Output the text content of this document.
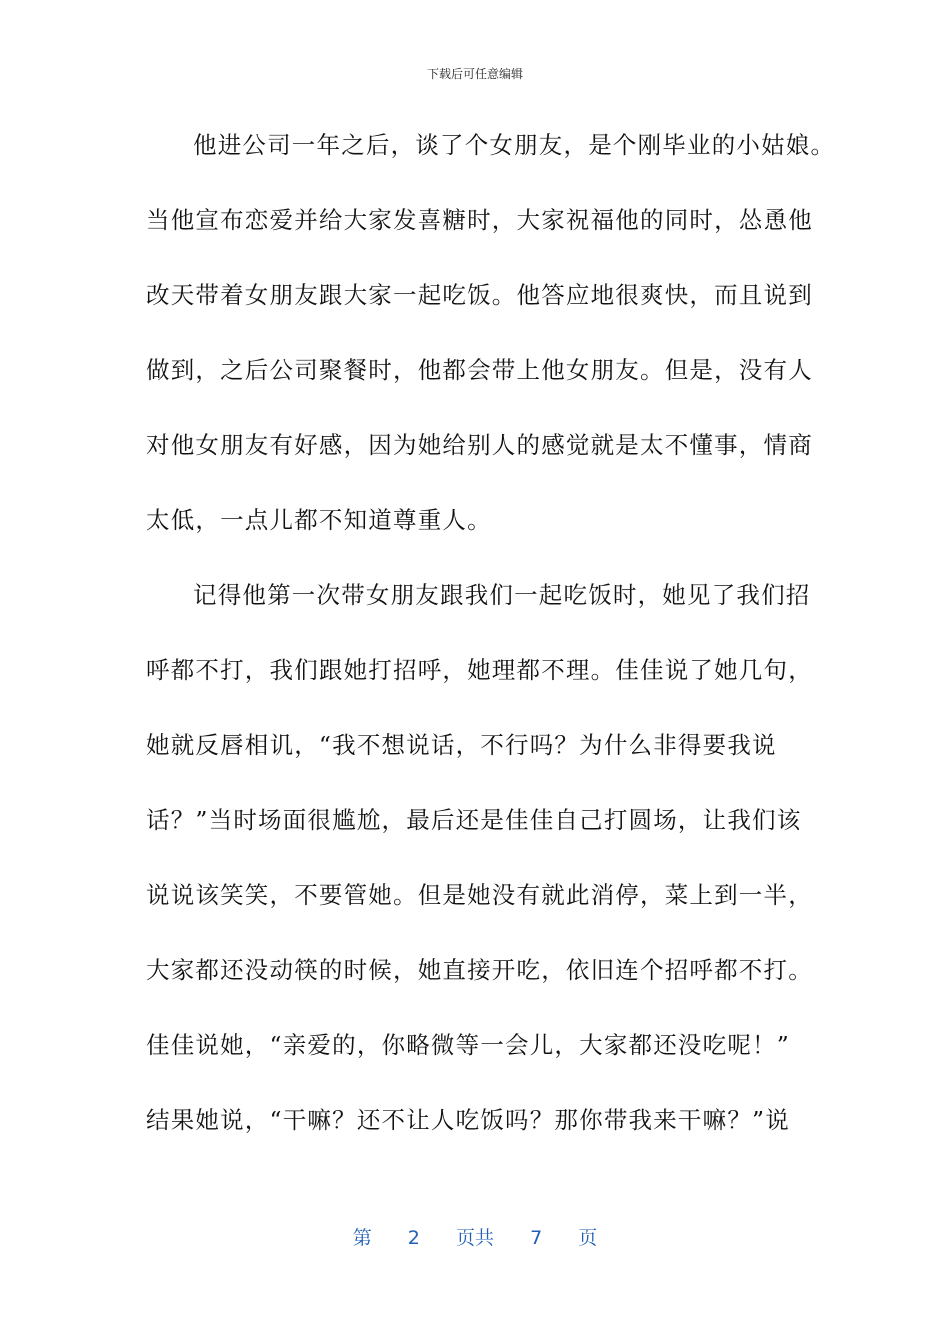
下载后可任意编辑
他进公司一年之后，谈了个女朋友，是个刚毕业的小姑娘。
当他宣布恋爱并给大家发喜糖时，大家祝福他的同时，怂恿他
改天带着女朋友跟大家一起吃饭。他答应地很爽快，而且说到
做到，之后公司聚餐时，他都会带上他女朋友。但是，没有人
对他女朋友有好感，因为她给别人的感觉就是太不懂事，情商
太低，一点儿都不知道尊重人。
记得他第一次带女朋友跟我们一起吃饭时，她见了我们招
呼都不打，我们跟她打招呼，她理都不理。佳佳说了她几句，
她就反唇相讥，“我不想说话，不行吗？为什么非得要我说
话？”当时场面很尴尬，最后还是佳佳自己打圆场，让我们该
说说该笑笑，不要管她。但是她没有就此消停，菜上到一半，
大家都还没动筷的时候，她直接开吃，依旧连个招呼都不打。
佳佳说她，“亲爱的，你略微等一会儿，大家都还没吃呢！”
结果她说，“干嘛？还不让人吃饭吗？那你带我来干嘛？”说
第 2 页共 7 页
